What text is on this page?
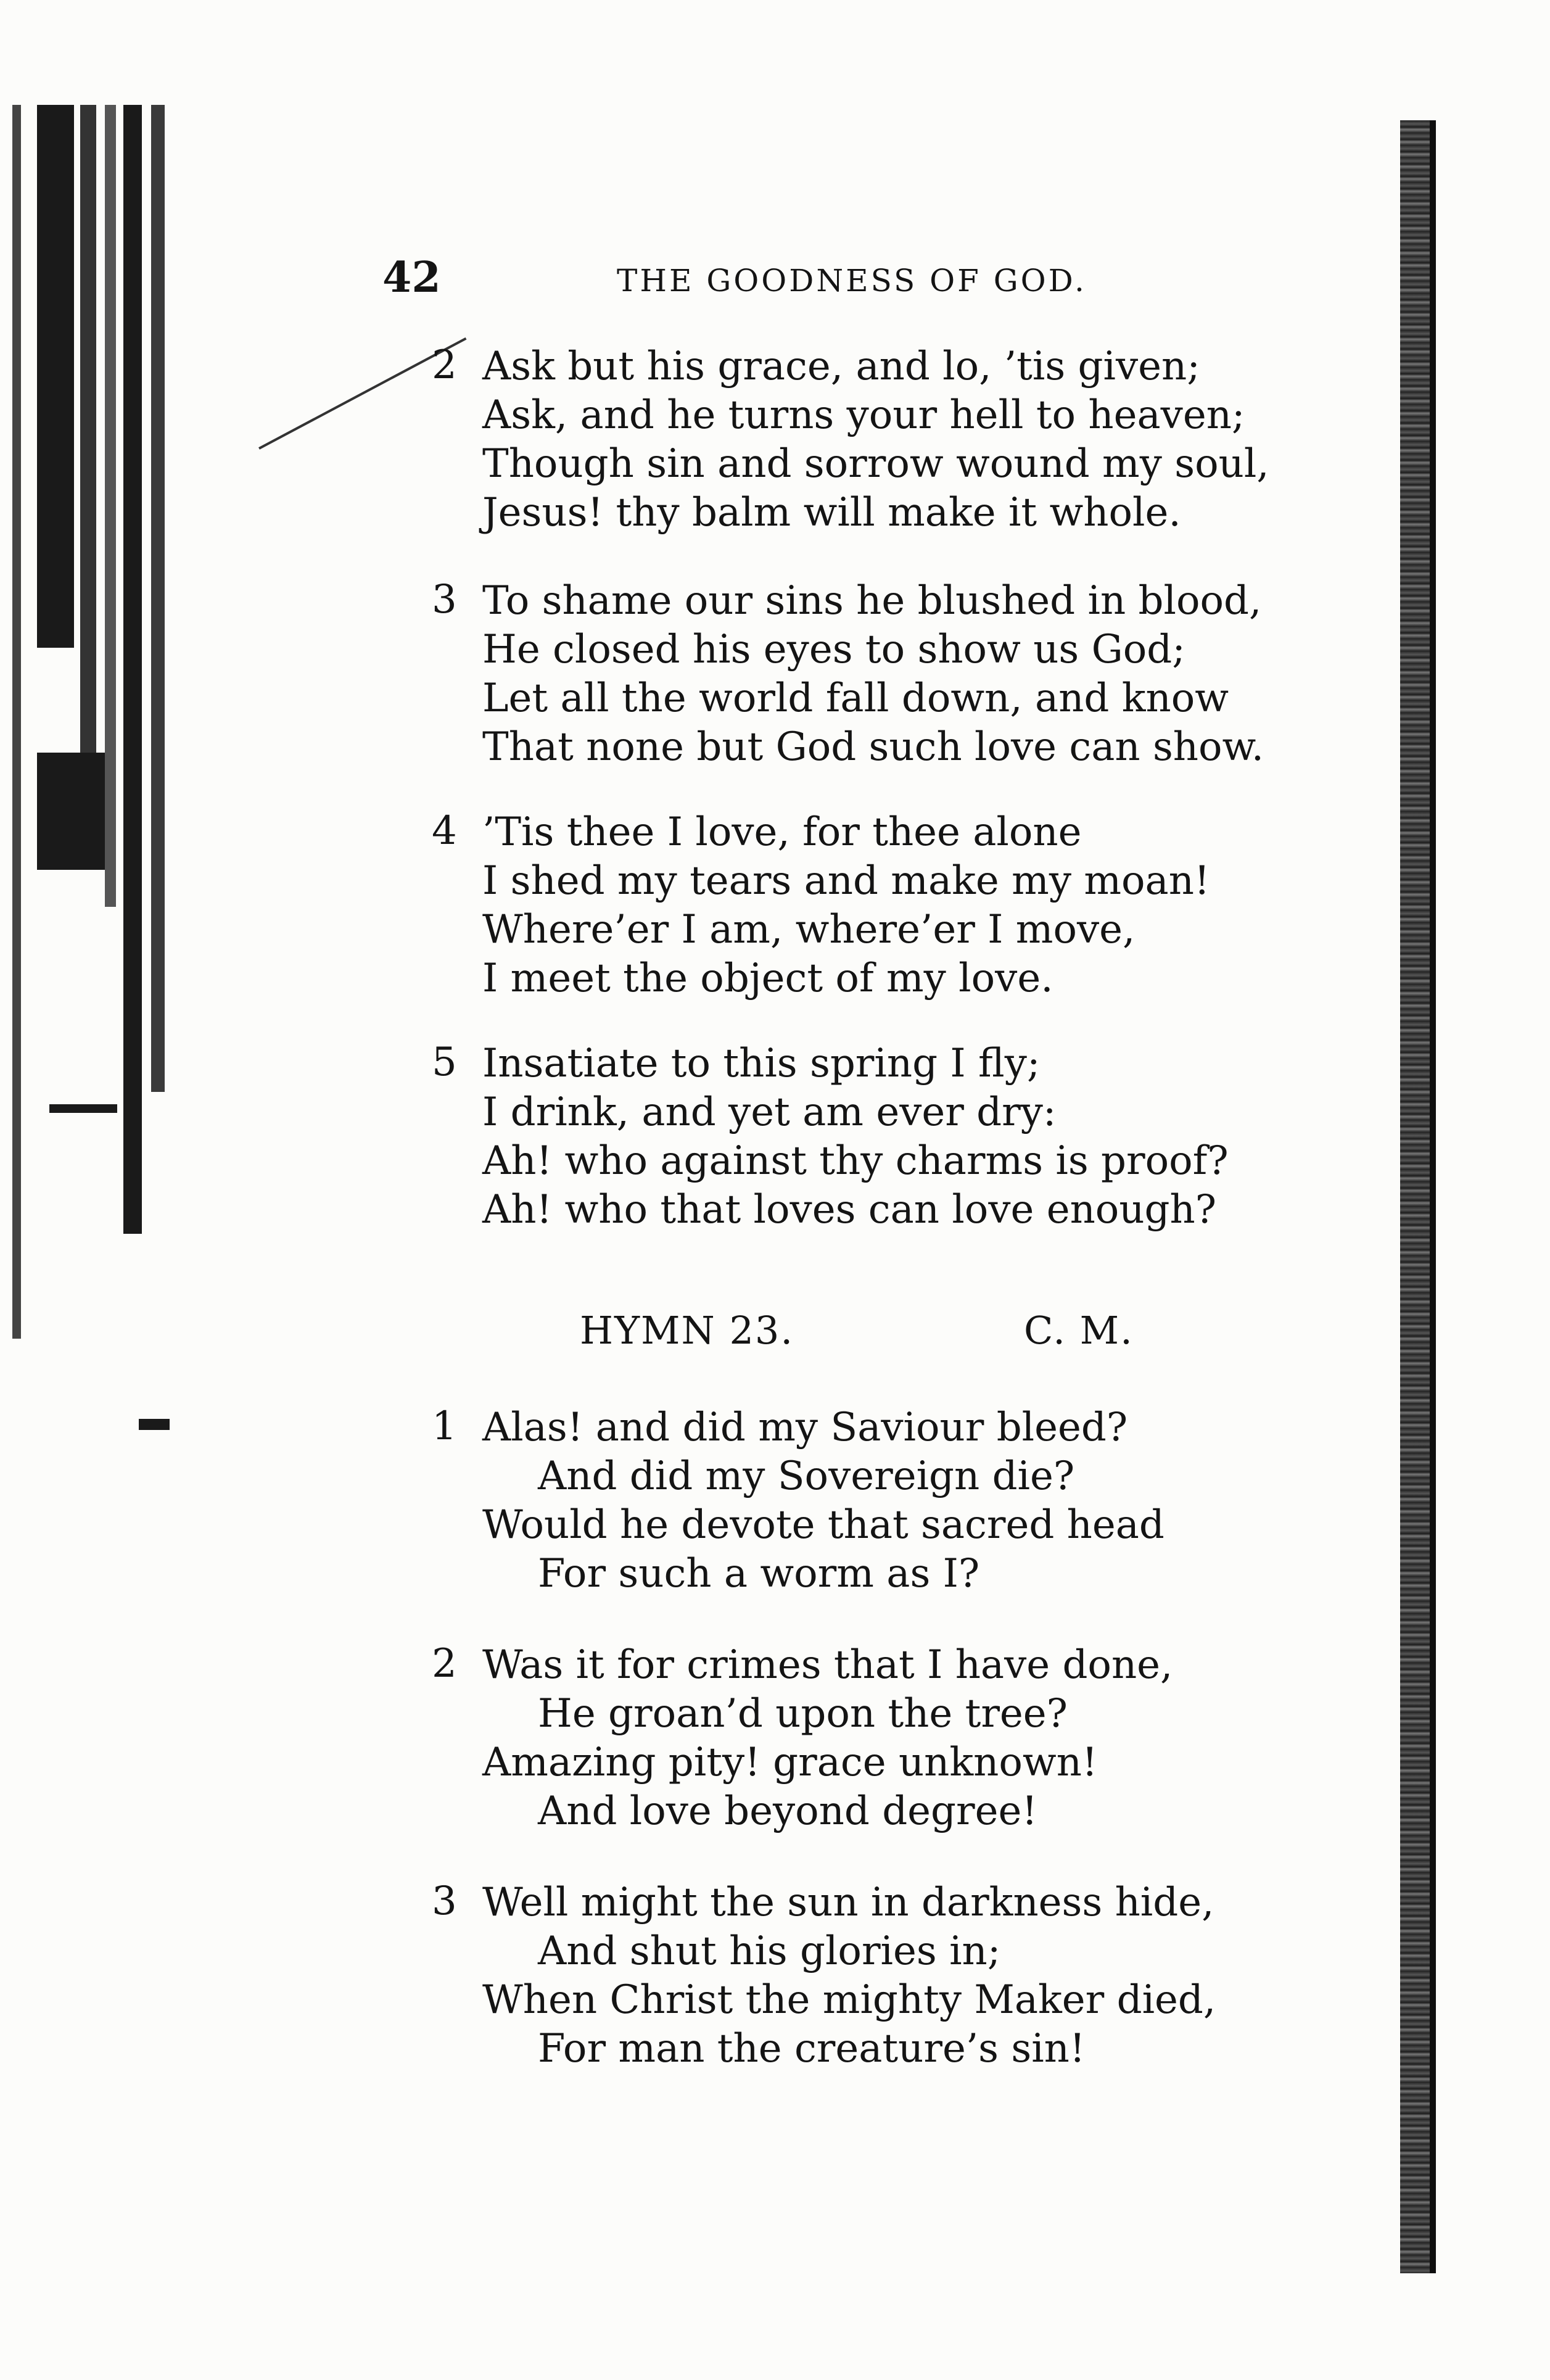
42	THE GOODNESS OF GOD.
2 Ask but his grace, and lo, ’tis given;
Ask, and he turns your hell to heaven;
Though sin and sorrow wound my soul,
Jesus! thy balm will make it whole.
3 To shame our sins he blushed in blood,
He closed his eyes to show us God;
Let all the world fall down, and know
That none but God such love can show.
4 ’Tis thee I love, for thee alone
I shed my tears and make my moan!
Where’er I am, where’er I move,
I meet the object of my love.
5 Insatiate to this spring I fly;
I drink, and yet am ever dry:
Ah! who against thy charms is proof?
Ah! who that loves can love enough?
HYMN 23.	C. M.
1 Alas! and did my Saviour bleed?
And did my Sovereign die?
Would he devote that sacred head
For such a worm as I?
2 Was it for crimes that I have done,
He groan’d upon the tree?
Amazing pity! grace unknown!
And love beyond degree!
3 Well might the sun in darkness hide,
And shut his glories in;
When Christ the mighty Maker died,
For man the creature’s sin!
